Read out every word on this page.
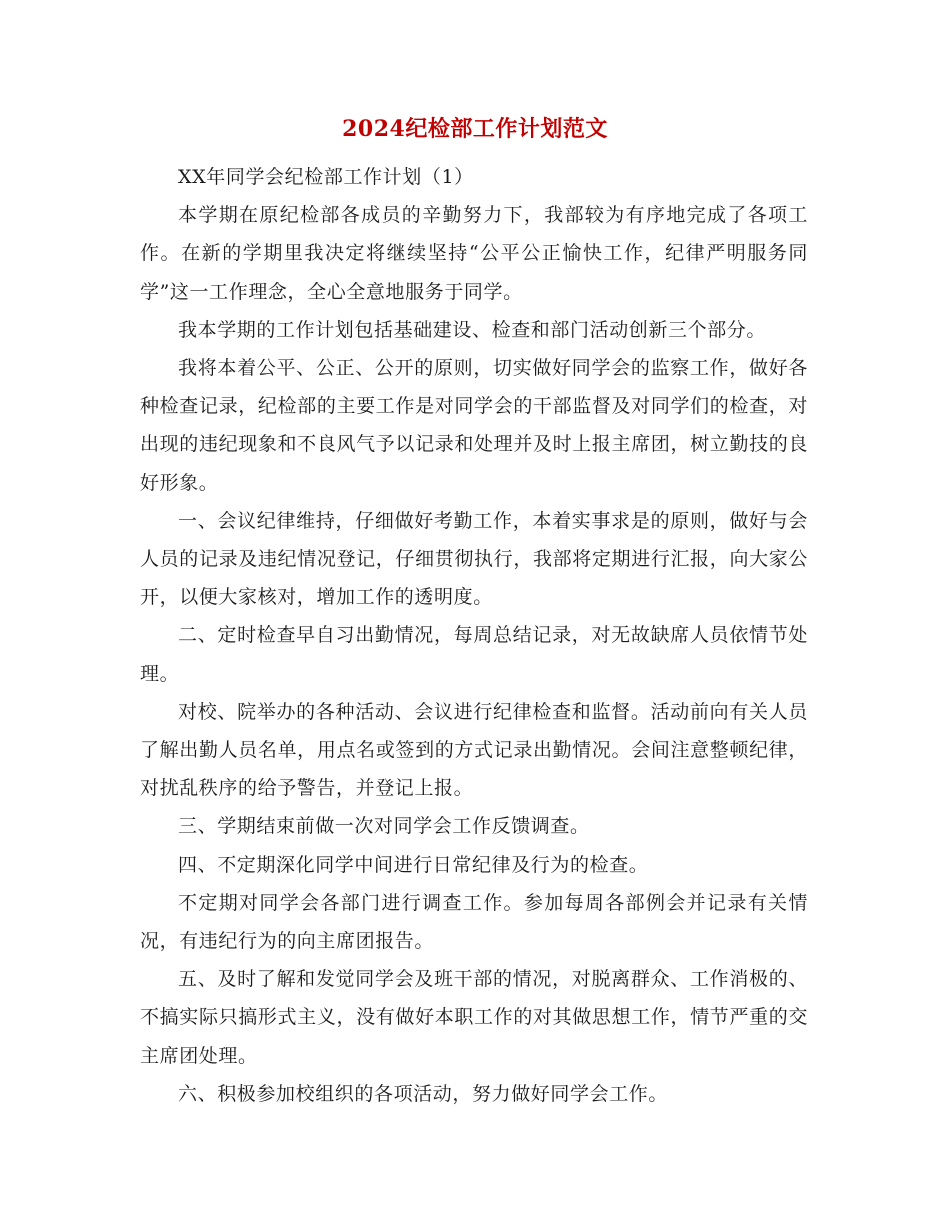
2024纪检部工作计划范文

XX年同学会纪检部工作计划（1）

本学期在原纪检部各成员的辛勤努力下，我部较为有序地完成了各项工作。在新的学期里我决定将继续坚持“公平公正愉快工作，纪律严明服务同学”这一工作理念，全心全意地服务于同学。

我本学期的工作计划包括基础建设、检查和部门活动创新三个部分。

我将本着公平、公正、公开的原则，切实做好同学会的监察工作，做好各种检查记录，纪检部的主要工作是对同学会的干部监督及对同学们的检查，对出现的违纪现象和不良风气予以记录和处理并及时上报主席团，树立勤技的良好形象。

一、会议纪律维持，仔细做好考勤工作，本着实事求是的原则，做好与会人员的记录及违纪情况登记，仔细贯彻执行，我部将定期进行汇报，向大家公开，以便大家核对，增加工作的透明度。

二、定时检查早自习出勤情况，每周总结记录，对无故缺席人员依情节处理。

对校、院举办的各种活动、会议进行纪律检查和监督。活动前向有关人员了解出勤人员名单，用点名或签到的方式记录出勤情况。会间注意整顿纪律，对扰乱秩序的给予警告，并登记上报。

三、学期结束前做一次对同学会工作反馈调查。

四、不定期深化同学中间进行日常纪律及行为的检查。

不定期对同学会各部门进行调查工作。参加每周各部例会并记录有关情况，有违纪行为的向主席团报告。

五、及时了解和发觉同学会及班干部的情况，对脱离群众、工作消极的、不搞实际只搞形式主义，没有做好本职工作的对其做思想工作，情节严重的交主席团处理。

六、积极参加校组织的各项活动，努力做好同学会工作。
